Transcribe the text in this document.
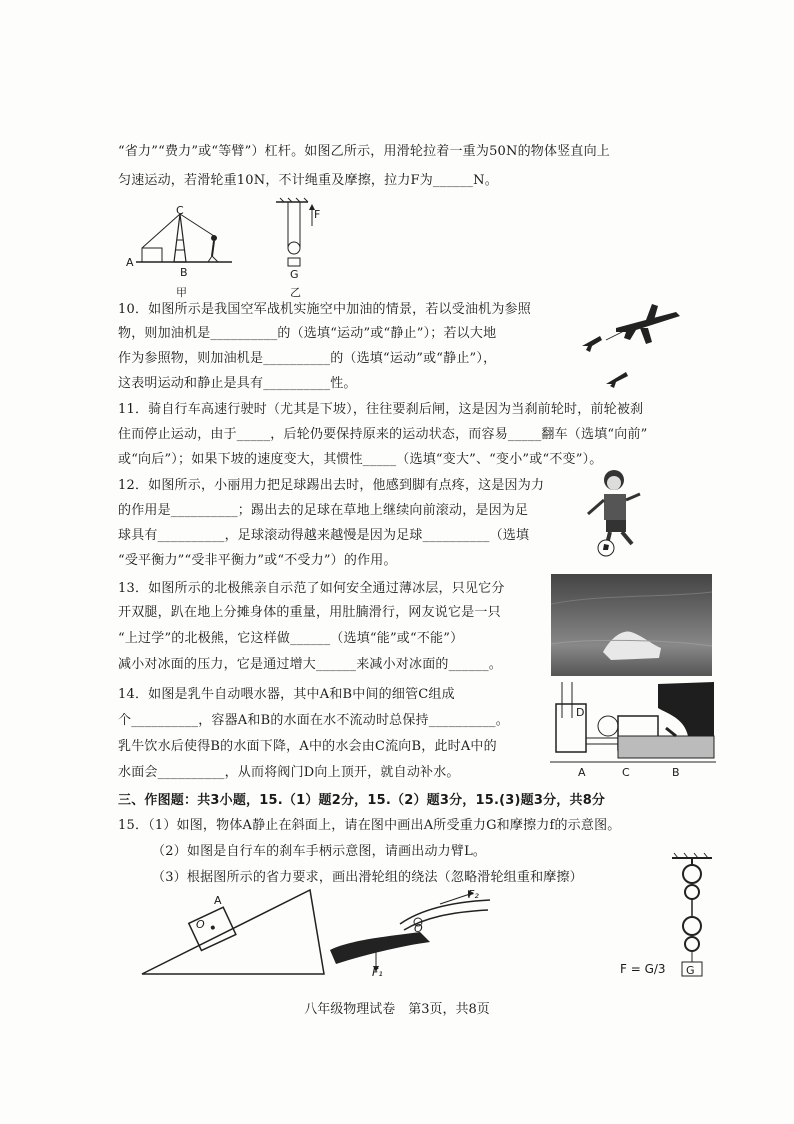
“省力”“费力”或“等臂”）杠杆。如图乙所示，用滑轮拉着一重为50N的物体竖直向上
匀速运动，若滑轮重10N，不计绳重及摩擦，拉力F为______N。
C
A
B
甲
F
G
乙
10．如图所示是我国空军战机实施空中加油的情景，若以受油机为参照
物，则加油机是__________的（选填“运动”或“静止”）；若以大地
作为参照物，则加油机是__________的（选填“运动”或“静止”），
这表明运动和静止是具有__________性。
11．骑自行车高速行驶时（尤其是下坡），往往要刹后闸，这是因为当刹前轮时，前轮被刹
住而停止运动，由于_____，后轮仍要保持原来的运动状态，而容易_____翻车（选填“向前”
或“向后”）；如果下坡的速度变大，其惯性_____（选填“变大”、“变小”或“不变”）。
12．如图所示，小丽用力把足球踢出去时，他感到脚有点疼，这是因为力
的作用是__________；踢出去的足球在草地上继续向前滚动，是因为足
球具有__________，足球滚动得越来越慢是因为足球__________（选填
“受平衡力”“受非平衡力”或“不受力”）的作用。
13．如图所示的北极熊亲自示范了如何安全通过薄冰层，只见它分
开双腿，趴在地上分摊身体的重量，用肚腩滑行，网友说它是一只
“上过学”的北极熊，它这样做______（选填“能”或“不能”）
减小对冰面的压力，它是通过增大______来减小对冰面的______。
14．如图是乳牛自动喂水器，其中A和B中间的细管C组成
个__________，容器A和B的水面在水不流动时总保持__________。
乳牛饮水后使得B的水面下降，A中的水会由C流向B，此时A中的
水面会__________，从而将阀门D向上顶开，就自动补水。
D
A	C	B
三、作图题：共3小题，15.（1）题2分，15.（2）题3分，15.(3)题3分，共8分
15．（1）如图，物体A静止在斜面上，请在图中画出A所受重力G和摩擦力f的示意图。
（2）如图是自行车的刹车手柄示意图，请画出动力臂L。
（3）根据图所示的省力要求，画出滑轮组的绕法（忽略滑轮组重和摩擦）
O
A	F₂
F₁
O
G
F = G/3
八年级物理试卷　第3页，共8页
